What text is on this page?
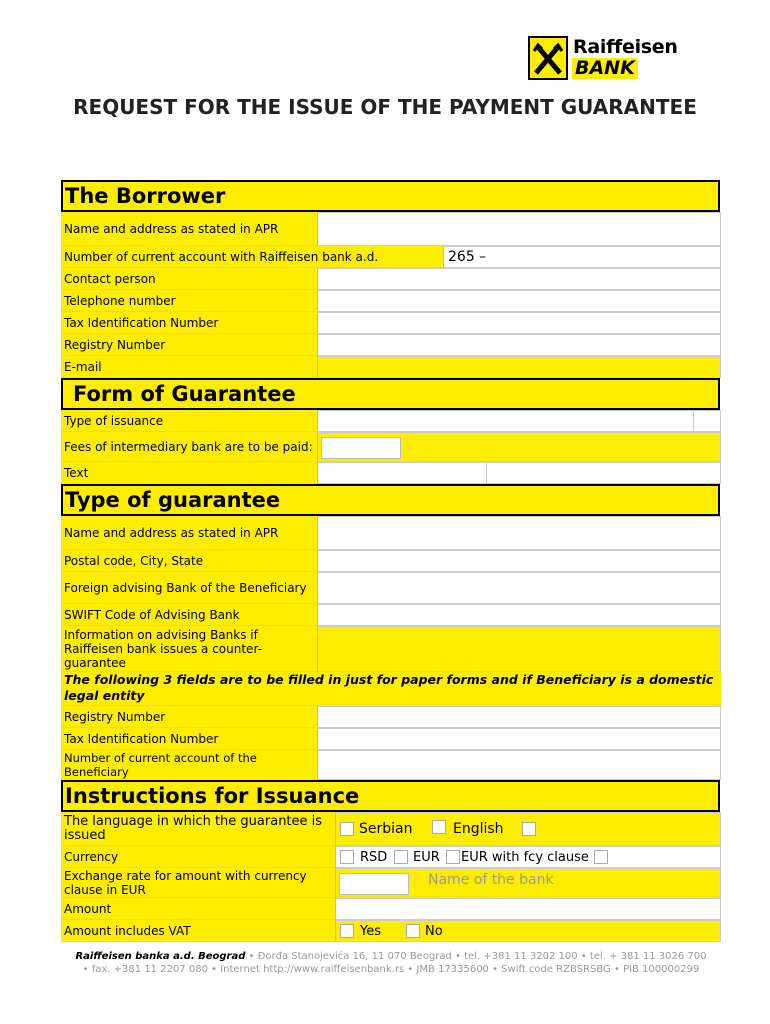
Raiffeisen
BANK
REQUEST FOR THE ISSUE OF THE PAYMENT GUARANTEE
The Borrower
Name and address as stated in APR
Number of current account with Raiffeisen bank a.d.	265 –
Contact person
Telephone number
Tax Identification Number
Registry Number
E-mail
Form of Guarantee
Type of issuance
Fees of intermediary bank are to be paid:
Text
Type of guarantee
Name and address as stated in APR
Postal code, City, State
Foreign advising Bank of the Beneficiary
SWIFT Code of Advising Bank
Information on advising Banks if Raiffeisen bank issues a counter-guarantee
The following 3 fields are to be filled in just for paper forms and if Beneficiary is a domestic legal entity
Registry Number
Tax Identification Number
Number of current account of the Beneficiary
Instructions for Issuance
The language in which the guarantee is issued	Serbian	English
Currency	RSD EUR EUR with fcy clause
Exchange rate for amount with currency clause in EUR
Name of the bank
Amount
Amount includes VAT	Yes	No
Raiffeisen banka a.d. Beograd • Đorđa Stanojevića 16, 11 070 Beograd • tel. +381 11 3202 100 • tel. + 381 11 3026 700
• fax. +381 11 2207 080 • Internet http://www.raiffeisenbank.rs • JMB 17335600 • Swift code RZBSRSBG • PIB 100000299
